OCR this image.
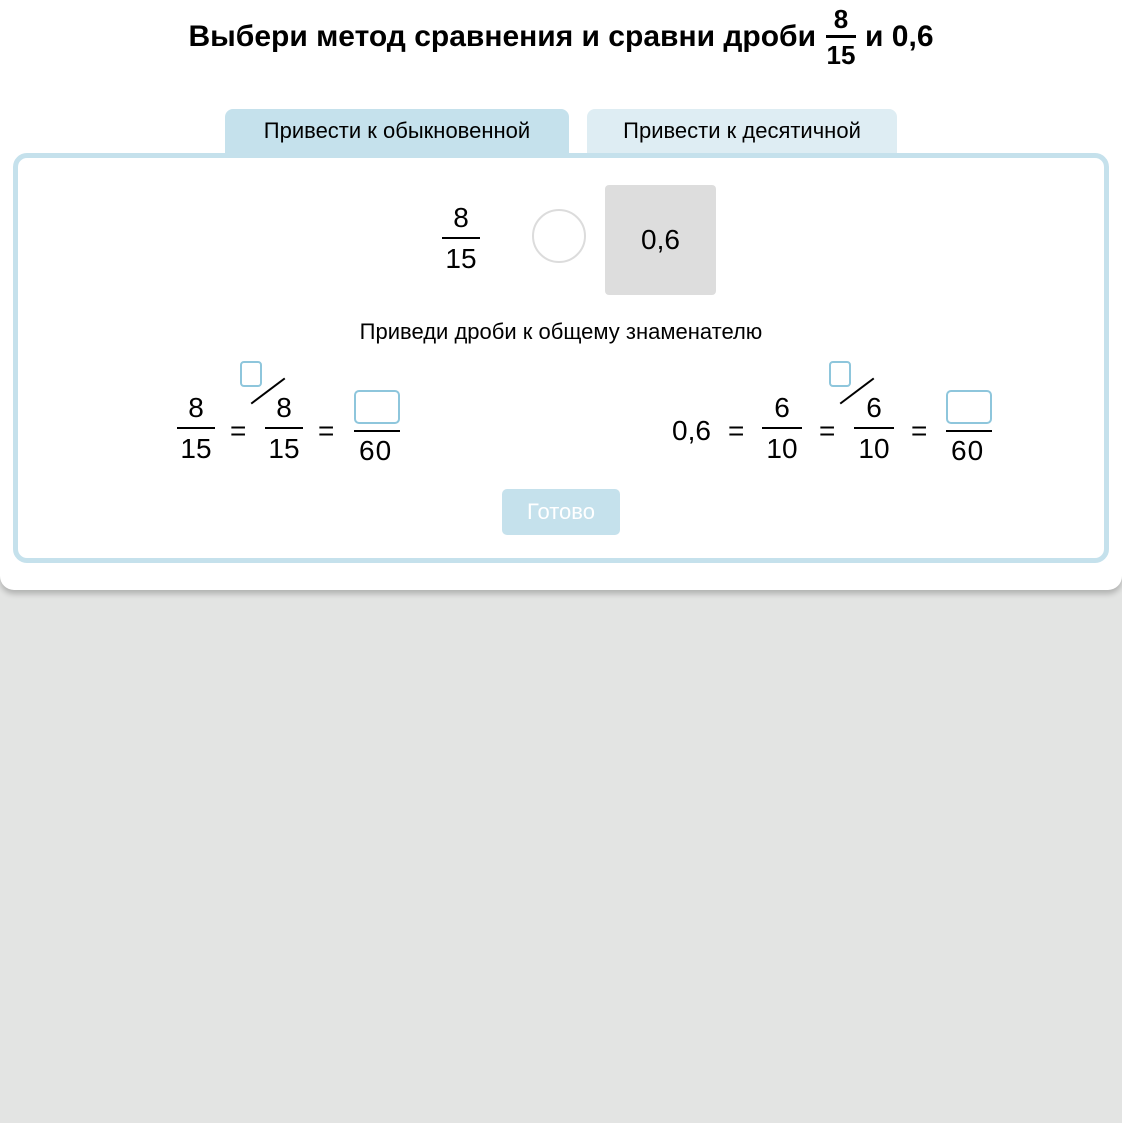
Выбери метод сравнения и сравни дроби $\frac{8}{15}$ и 0,6
Привести к обыкновенной	Привести к десятичной
8
15
0,6
Приведи дроби к общему знаменателю
8
15
=
8
15
=
60
0,6 =
6
10
=
6
10
=
60
Готово
